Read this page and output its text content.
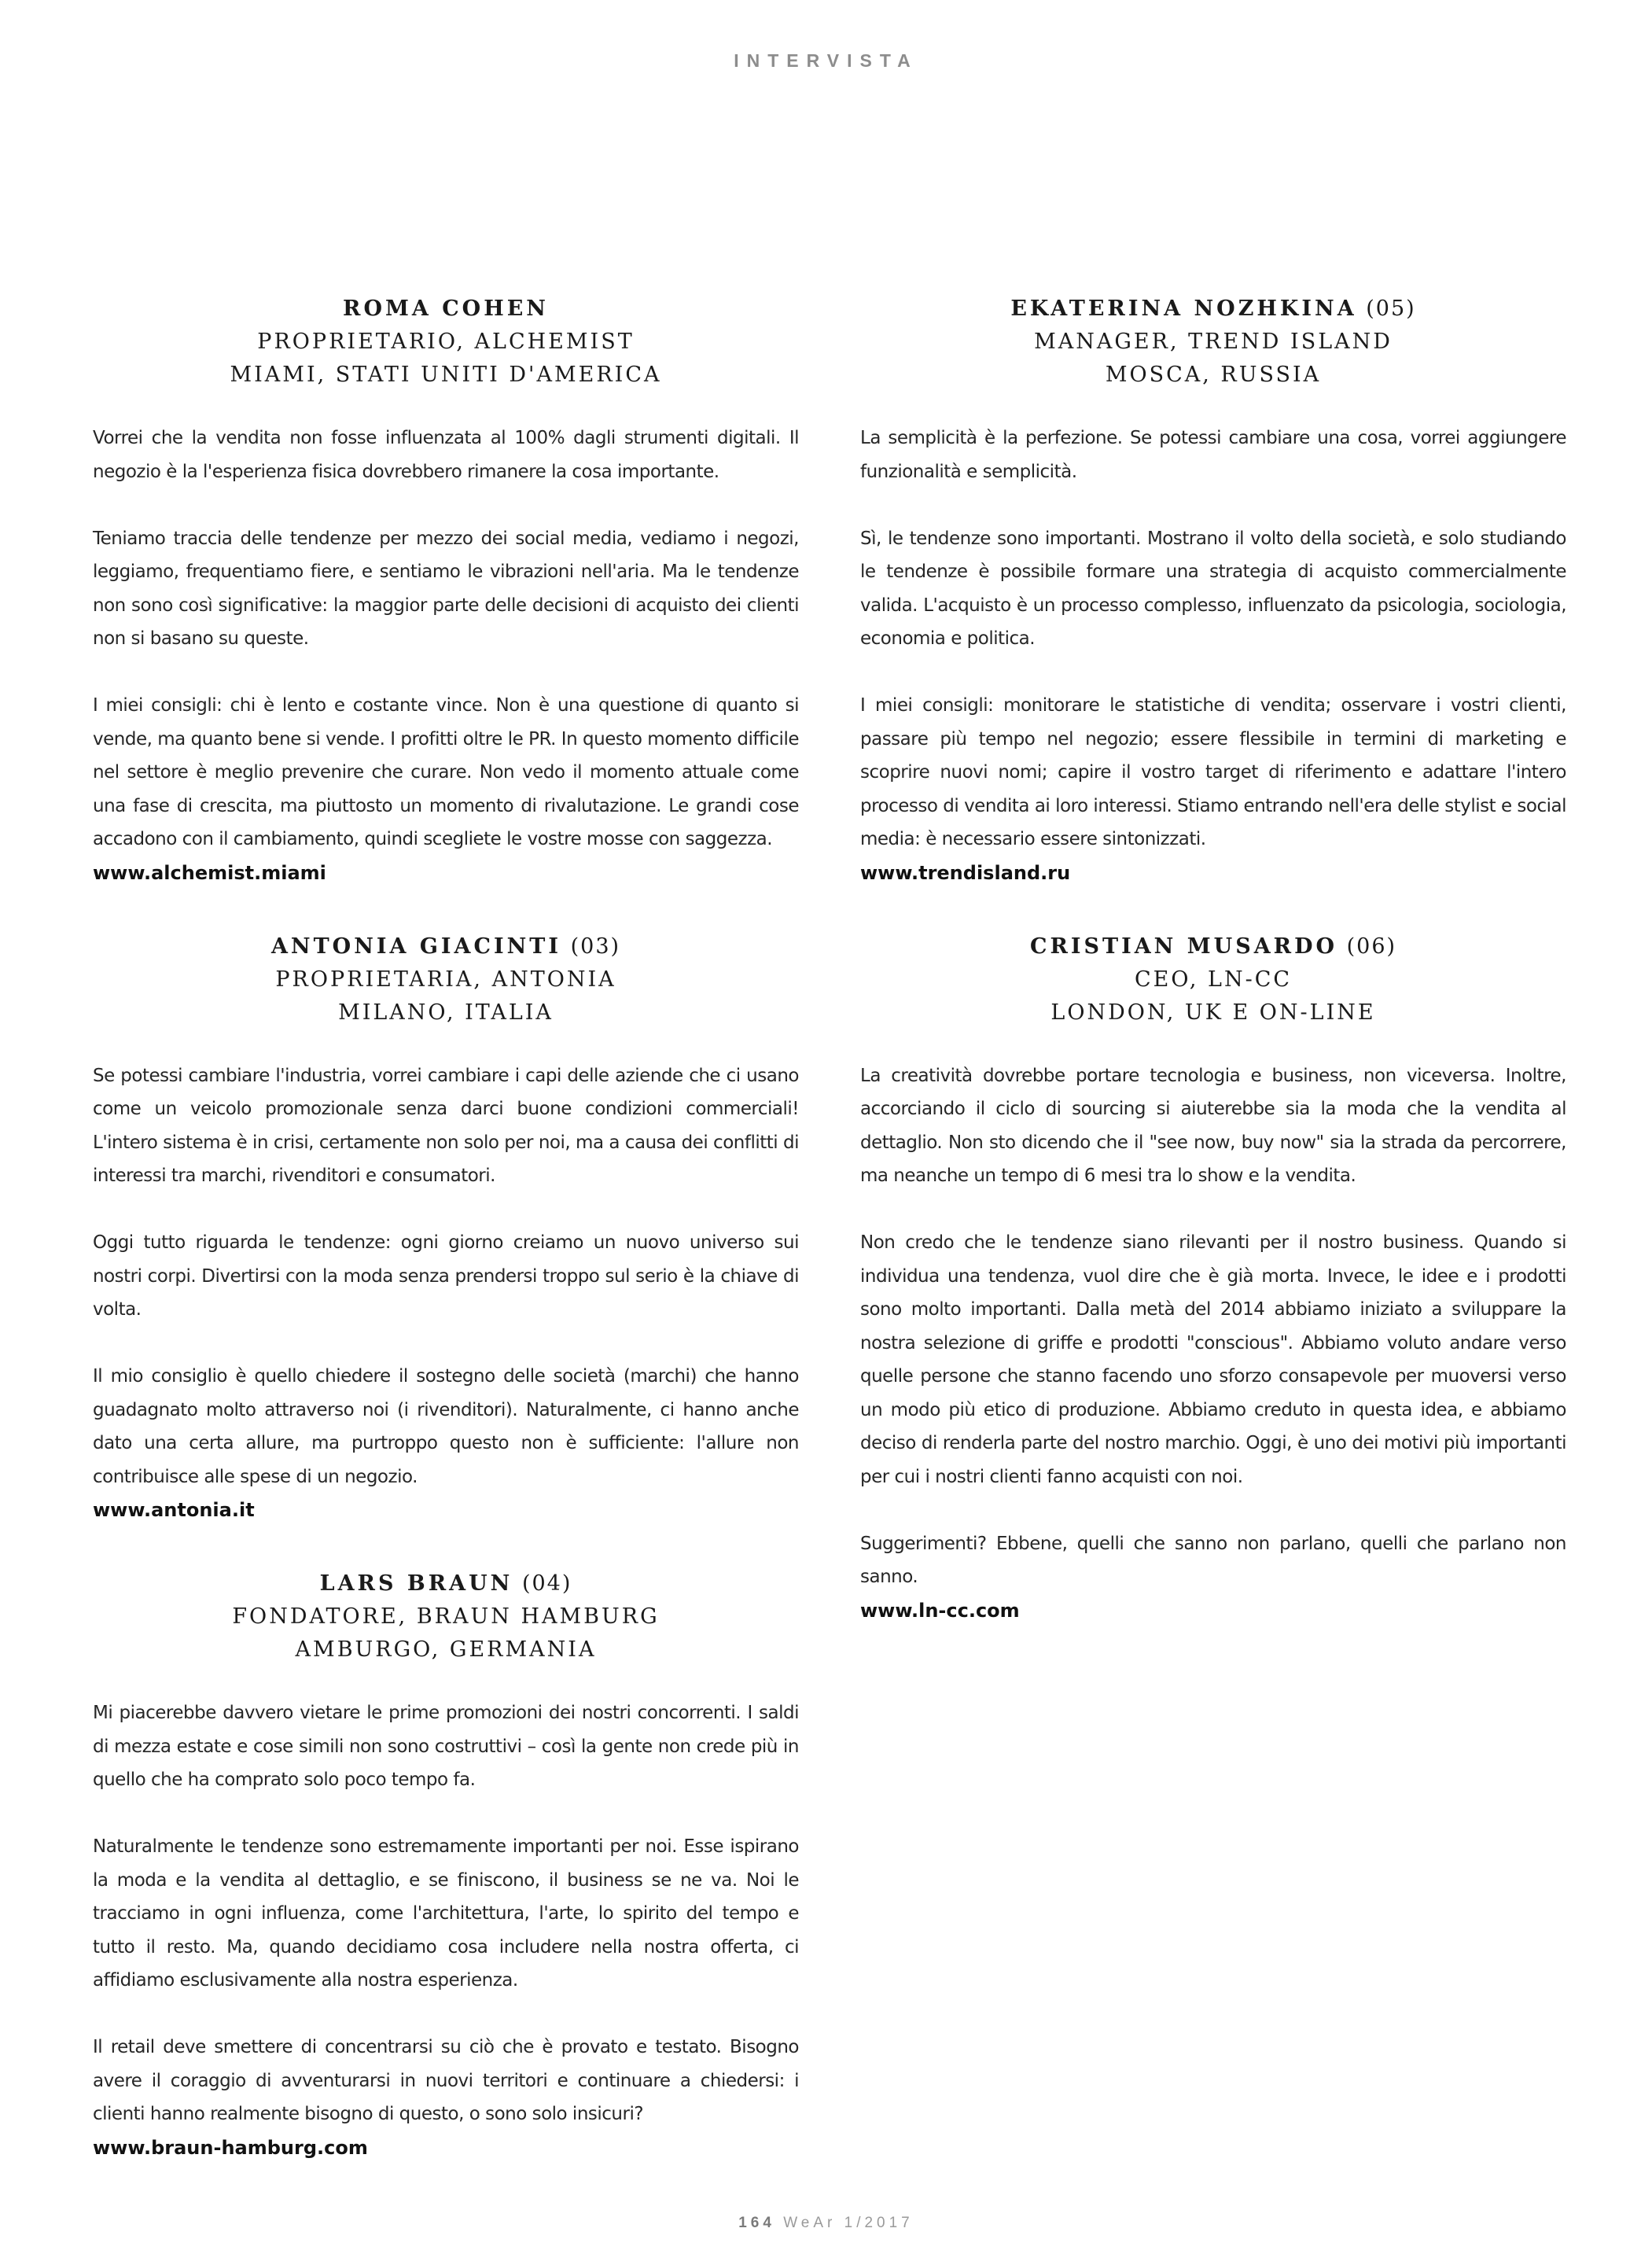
INTERVISTA
ROMA COHEN
PROPRIETARIO, ALCHEMIST
MIAMI, STATI UNITI D'AMERICA

Vorrei che la vendita non fosse influenzata al 100% dagli strumenti digitali. Il negozio è la l'esperienza fisica dovrebbero rimanere la cosa importante.

Teniamo traccia delle tendenze per mezzo dei social media, vediamo i negozi, leggiamo, frequentiamo fiere, e sentiamo le vibrazioni nell'aria. Ma le tendenze non sono così significative: la maggior parte delle decisioni di acquisto dei clienti non si basano su queste.

I miei consigli: chi è lento e costante vince. Non è una questione di quanto si vende, ma quanto bene si vende. I profitti oltre le PR. In questo momento difficile nel settore è meglio prevenire che curare. Non vedo il momento attuale come una fase di crescita, ma piuttosto un momento di rivalutazione. Le grandi cose accadono con il cambiamento, quindi scegliete le vostre mosse con saggezza.

www.alchemist.miami
ANTONIA GIACINTI (03)
PROPRIETARIA, ANTONIA
MILANO, ITALIA

Se potessi cambiare l'industria, vorrei cambiare i capi delle aziende che ci usano come un veicolo promozionale senza darci buone condizioni commerciali! L'intero sistema è in crisi, certamente non solo per noi, ma a causa dei conflitti di interessi tra marchi, rivenditori e consumatori.

Oggi tutto riguarda le tendenze: ogni giorno creiamo un nuovo universo sui nostri corpi. Divertirsi con la moda senza prendersi troppo sul serio è la chiave di volta.

Il mio consiglio è quello chiedere il sostegno delle società (marchi) che hanno guadagnato molto attraverso noi (i rivenditori). Naturalmente, ci hanno anche dato una certa allure, ma purtroppo questo non è sufficiente: l'allure non contribuisce alle spese di un negozio.

www.antonia.it
LARS BRAUN (04)
FONDATORE, BRAUN HAMBURG
AMBURGO, GERMANIA

Mi piacerebbe davvero vietare le prime promozioni dei nostri concorrenti. I saldi di mezza estate e cose simili non sono costruttivi – così la gente non crede più in quello che ha comprato solo poco tempo fa.

Naturalmente le tendenze sono estremamente importanti per noi. Esse ispirano la moda e la vendita al dettaglio, e se finiscono, il business se ne va. Noi le tracciamo in ogni influenza, come l'architettura, l'arte, lo spirito del tempo e tutto il resto. Ma, quando decidiamo cosa includere nella nostra offerta, ci affidiamo esclusivamente alla nostra esperienza.

Il retail deve smettere di concentrarsi su ciò che è provato e testato. Bisogno avere il coraggio di avventurarsi in nuovi territori e continuare a chiedersi: i clienti hanno realmente bisogno di questo, o sono solo insicuri?

www.braun-hamburg.com
EKATERINA NOZHKINA (05)
MANAGER, TREND ISLAND
MOSCA, RUSSIA

La semplicità è la perfezione. Se potessi cambiare una cosa, vorrei aggiungere funzionalità e semplicità.

Sì, le tendenze sono importanti. Mostrano il volto della società, e solo studiando le tendenze è possibile formare una strategia di acquisto commercialmente valida. L'acquisto è un processo complesso, influenzato da psicologia, sociologia, economia e politica.

I miei consigli: monitorare le statistiche di vendita; osservare i vostri clienti, passare più tempo nel negozio; essere flessibile in termini di marketing e scoprire nuovi nomi; capire il vostro target di riferimento e adattare l'intero processo di vendita ai loro interessi. Stiamo entrando nell'era delle stylist e social media: è necessario essere sintonizzati.

www.trendisland.ru
CRISTIAN MUSARDO (06)
CEO, LN-CC
LONDON, UK E ON-LINE

La creatività dovrebbe portare tecnologia e business, non viceversa. Inoltre, accorciando il ciclo di sourcing si aiuterebbe sia la moda che la vendita al dettaglio. Non sto dicendo che il "see now, buy now" sia la strada da percorrere, ma neanche un tempo di 6 mesi tra lo show e la vendita.

Non credo che le tendenze siano rilevanti per il nostro business. Quando si individua una tendenza, vuol dire che è già morta. Invece, le idee e i prodotti sono molto importanti. Dalla metà del 2014 abbiamo iniziato a sviluppare la nostra selezione di griffe e prodotti "conscious". Abbiamo voluto andare verso quelle persone che stanno facendo uno sforzo consapevole per muoversi verso un modo più etico di produzione. Abbiamo creduto in questa idea, e abbiamo deciso di renderla parte del nostro marchio. Oggi, è uno dei motivi più importanti per cui i nostri clienti fanno acquisti con noi.

Suggerimenti? Ebbene, quelli che sanno non parlano, quelli che parlano non sanno.

www.ln-cc.com
164 WeAr 1/2017
